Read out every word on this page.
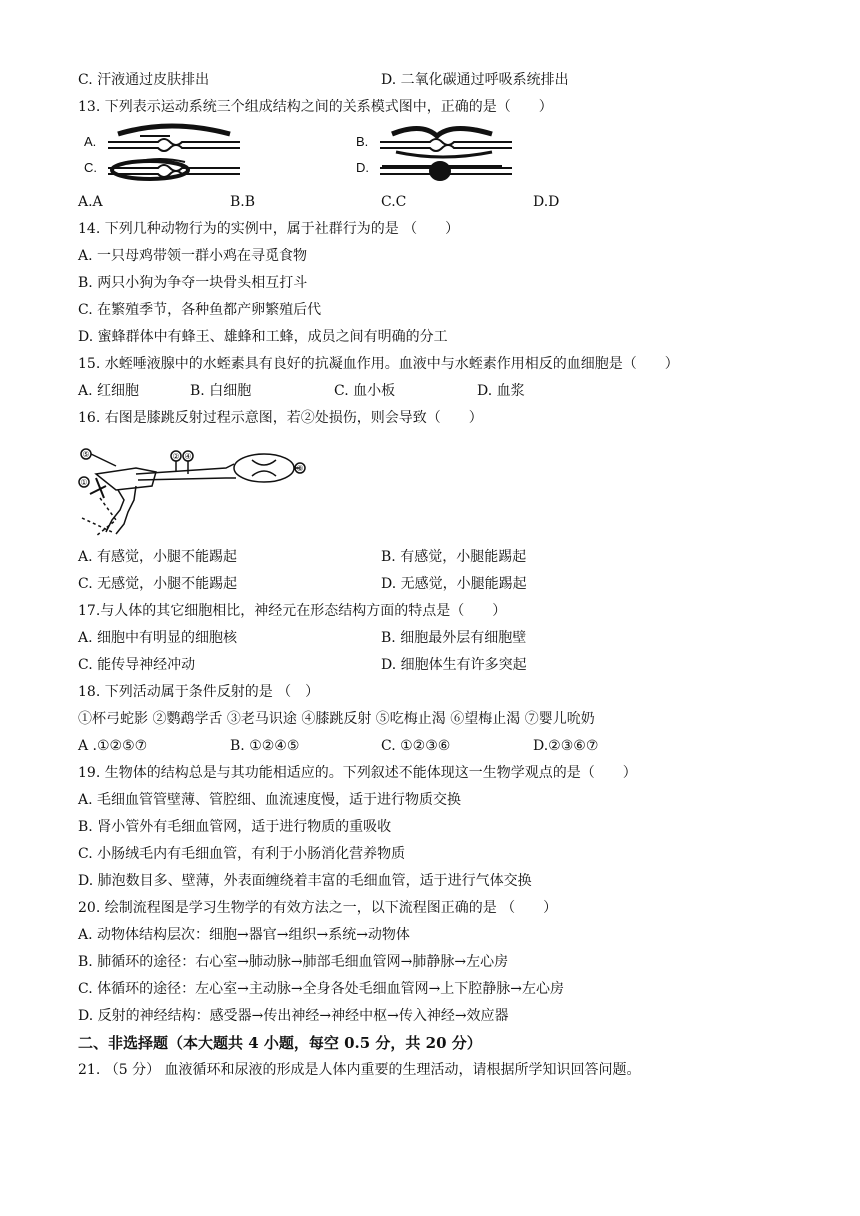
C. 汗液通过皮肤排出	D. 二氧化碳通过呼吸系统排出
13. 下列表示运动系统三个组成结构之间的关系模式图中，正确的是（　　）
A.
C.
B.
D.
A.A	B.B	C.C	D.D
14. 下列几种动物行为的实例中，属于社群行为的是 （　　）
A. 一只母鸡带领一群小鸡在寻觅食物
B. 两只小狗为争夺一块骨头相互打斗
C. 在繁殖季节，各种鱼都产卵繁殖后代
D. 蜜蜂群体中有蜂王、雄蜂和工蜂，成员之间有明确的分工
15. 水蛭唾液腺中的水蛭素具有良好的抗凝血作用。血液中与水蛭素作用相反的血细胞是（　　）
A. 红细胞	B. 白细胞	C. 血小板	D. 血浆
16. 右图是膝跳反射过程示意图，若②处损伤，则会导致（　　）
⑤	② ④
①
③
A. 有感觉，小腿不能踢起	B. 有感觉，小腿能踢起
C. 无感觉，小腿不能踢起	D. 无感觉，小腿能踢起
17.与人体的其它细胞相比，神经元在形态结构方面的特点是（　　）
A. 细胞中有明显的细胞核	B. 细胞最外层有细胞壁
C. 能传导神经冲动	D. 细胞体生有许多突起
18. 下列活动属于条件反射的是 （　）
①杯弓蛇影 ②鹦鹉学舌 ③老马识途 ④膝跳反射 ⑤吃梅止渴 ⑥望梅止渴 ⑦婴儿吮奶
A .①②⑤⑦	B. ①②④⑤	C. ①②③⑥	D.②③⑥⑦
19. 生物体的结构总是与其功能相适应的。下列叙述不能体现这一生物学观点的是（　　）
A. 毛细血管管壁薄、管腔细、血流速度慢，适于进行物质交换
B. 肾小管外有毛细血管网，适于进行物质的重吸收
C. 小肠绒毛内有毛细血管，有利于小肠消化营养物质
D. 肺泡数目多、壁薄，外表面缠绕着丰富的毛细血管，适于进行气体交换
20. 绘制流程图是学习生物学的有效方法之一，以下流程图正确的是 （　　）
A. 动物体结构层次：细胞→器官→组织→系统→动物体
B. 肺循环的途径：右心室→肺动脉→肺部毛细血管网→肺静脉→左心房
C. 体循环的途径：左心室→主动脉→全身各处毛细血管网→上下腔静脉→左心房
D. 反射的神经结构：感受器→传出神经→神经中枢→传入神经→效应器
二、非选择题（本大题共 4 小题，每空 0.5 分，共 20 分）
21. （5 分） 血液循环和尿液的形成是人体内重要的生理活动，请根据所学知识回答问题。
